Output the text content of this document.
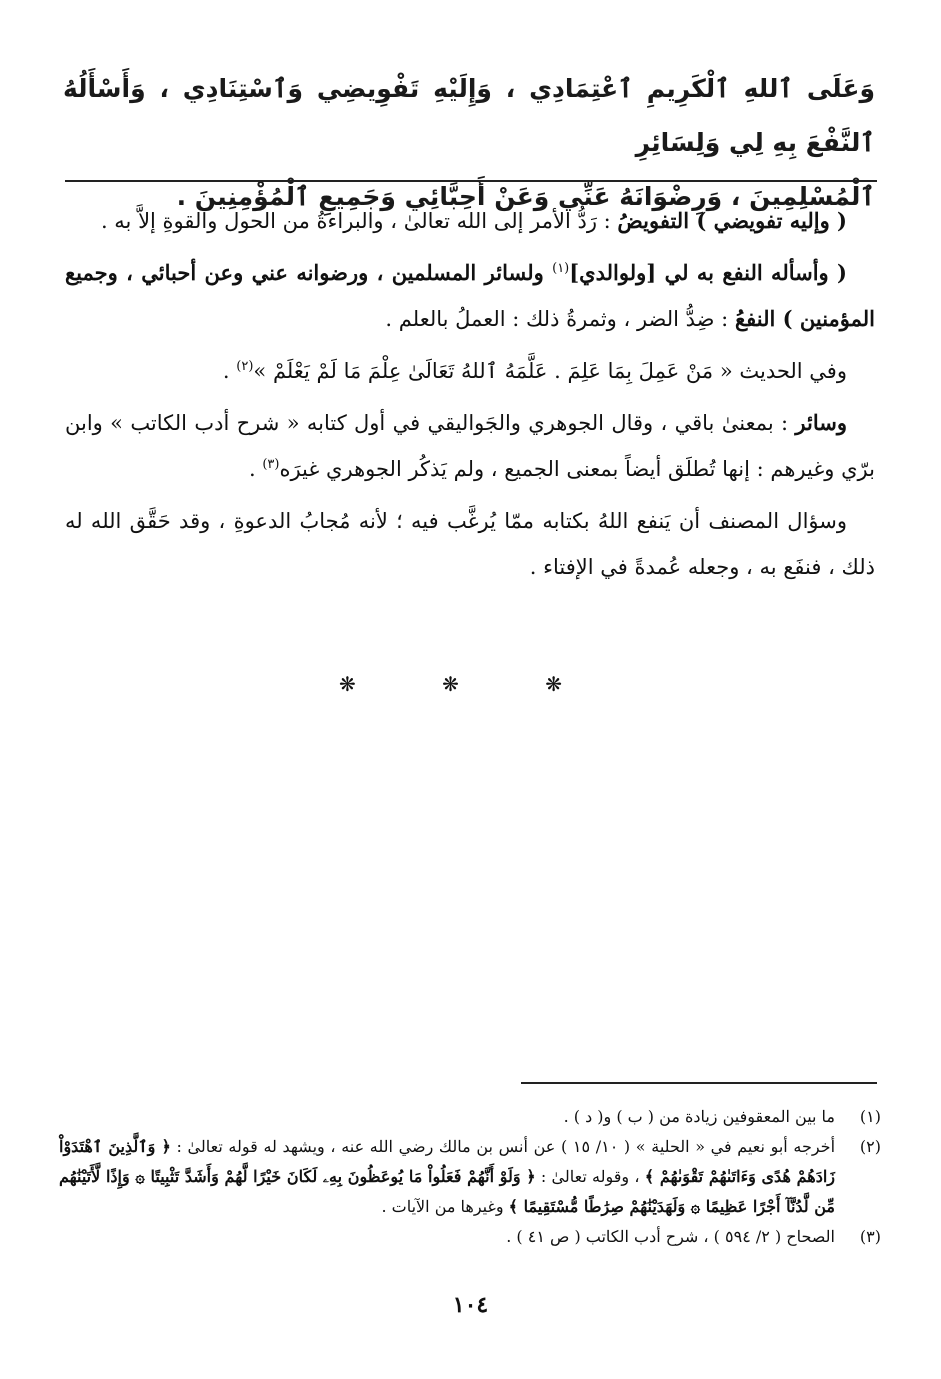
وَعَلَى ٱللهِ ٱلْكَرِيمِ ٱعْتِمَادِي ، وَإِلَيْهِ تَفْوِيضِي وَٱسْتِنَادِي ، وَأَسْأَلُهُ ٱلنَّفْعَ بِهِ لِي وَلِسَائِرِ

ٱلْمُسْلِمِينَ ، وَرِضْوَانَهُ عَنِّي وَعَنْ أَحِبَّائِي وَجَمِيعِ ٱلْمُؤْمِنِينَ .

( وإليه تفويضي ) التفويضُ : رَدُّ الأمر إلى الله تعالىٰ ، والبراءةُ من الحول والقوةِ إلاَّ به .

( وأسأله النفع به لي [ولوالدي]$^{(١)}$ ولسائر المسلمين ، ورضوانه عني وعن أحبائي ، وجميع المؤمنين ) النفعُ : ضِدُّ الضر ، وثمرةُ ذلك : العملُ بالعلم .

وفي الحديث « مَنْ عَمِلَ بِمَا عَلِمَ . عَلَّمَهُ ٱللهُ تَعَالَىٰ عِلْمَ مَا لَمْ يَعْلَمْ »$^{(٢)}$ .

وسائر : بمعنىٰ باقي ، وقال الجوهري والجَواليقي في أول كتابه « شرح أدب الكاتب » وابن برّي وغيرهم : إنها تُطلَق أيضاً بمعنى الجميع ، ولم يَذكُر الجوهري غيرَه$^{(٣)}$ .

وسؤال المصنف أن يَنفع اللهُ بكتابه ممّا يُرغَّب فيه ؛ لأنه مُجابُ الدعوةِ ، وقد حَقَّق الله له ذلك ، فنفَع به ، وجعله عُمدةً في الإفتاء .

❋ ❋ ❋
(١)
ما بين المعقوفين زيادة من ( ب ) و( د ) .
(٢)
أخرجه أبو نعيم في « الحلية » ( ١٠/ ١٥ ) عن أنس بن مالك رضي الله عنه ، ويشهد له قوله تعالىٰ : ﴿ وَٱلَّذِينَ ٱهْتَدَوْاْ زَادَهُمْ هُدًى وَءَاتَىٰهُمْ تَقْوَىٰهُمْ ﴾ ، وقوله تعالىٰ : ﴿ وَلَوْ أَنَّهُمْ فَعَلُواْ مَا يُوعَظُونَ بِهِۦ لَكَانَ خَيْرًا لَّهُمْ وَأَشَدَّ تَثْبِيتًا ۞ وَإِذًا لَّأَتَيْنَٰهُم مِّن لَّدُنَّآ أَجْرًا عَظِيمًا ۞ وَلَهَدَيْنَٰهُمْ صِرَٰطًا مُّسْتَقِيمًا ﴾ وغيرها من الآيات .
(٣)
الصحاح ( ٢/ ٥٩٤ ) ، شرح أدب الكاتب ( ص ٤١ ) .
١٠٤
